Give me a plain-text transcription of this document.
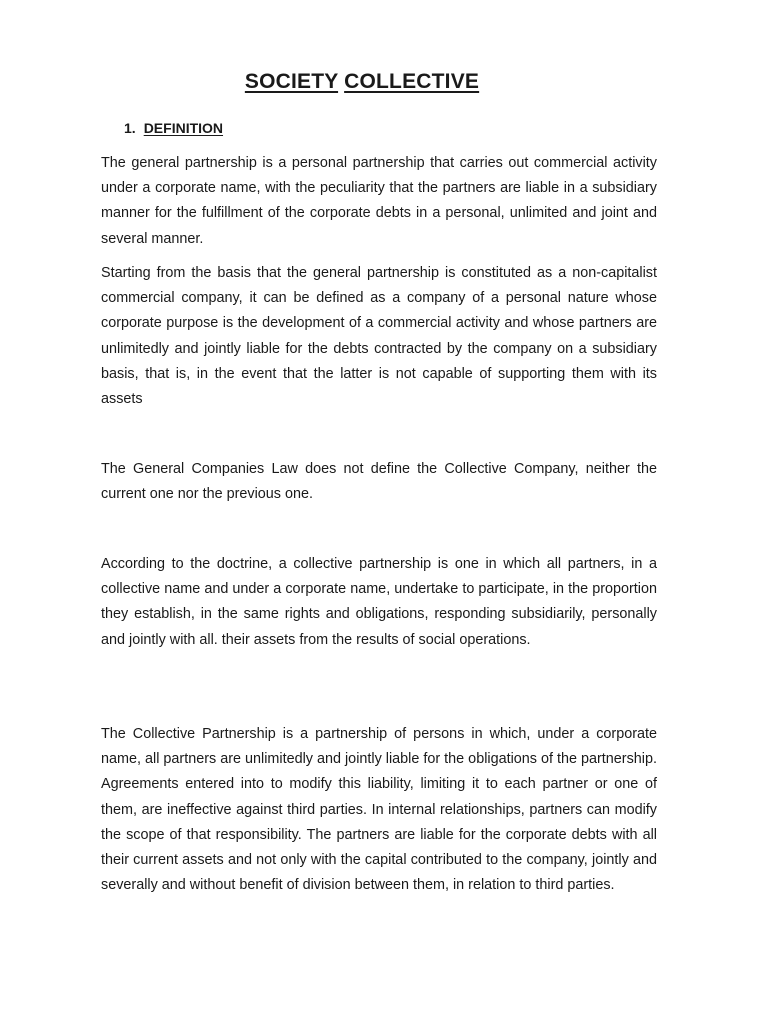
SOCIETY COLLECTIVE
1. DEFINITION

The general partnership is a personal partnership that carries out commercial activity under a corporate name, with the peculiarity that the partners are liable in a subsidiary manner for the fulfillment of the corporate debts in a personal, unlimited and joint and several manner.

Starting from the basis that the general partnership is constituted as a non-capitalist commercial company, it can be defined as a company of a personal nature whose corporate purpose is the development of a commercial activity and whose partners are unlimitedly and jointly liable for the debts contracted by the company on a subsidiary basis, that is, in the event that the latter is not capable of supporting them with its assets

The General Companies Law does not define the Collective Company, neither the current one nor the previous one.

According to the doctrine, a collective partnership is one in which all partners, in a collective name and under a corporate name, undertake to participate, in the proportion they establish, in the same rights and obligations, responding subsidiarily, personally and jointly with all. their assets from the results of social operations.

The Collective Partnership is a partnership of persons in which, under a corporate name, all partners are unlimitedly and jointly liable for the obligations of the partnership. Agreements entered into to modify this liability, limiting it to each partner or one of them, are ineffective against third parties. In internal relationships, partners can modify the scope of that responsibility. The partners are liable for the corporate debts with all their current assets and not only with the capital contributed to the company, jointly and severally and without benefit of division between them, in relation to third parties.
